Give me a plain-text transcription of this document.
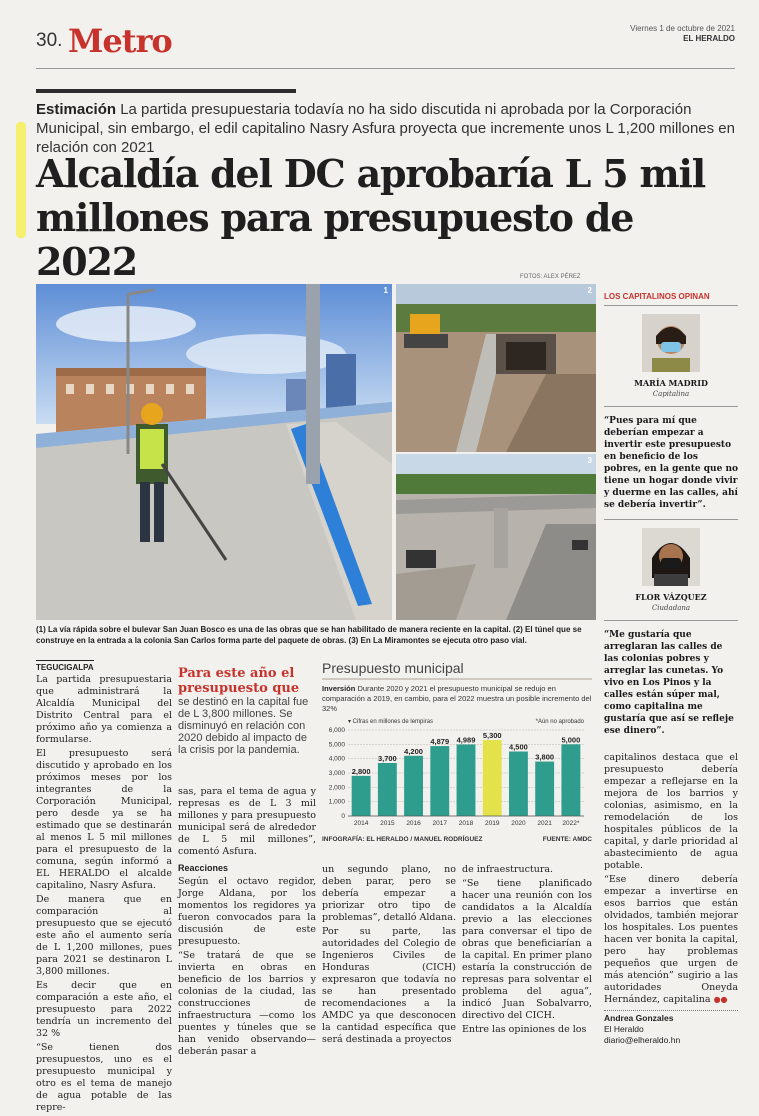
30. Metro	Viernes 1 de octubre de 2021
EL HERALDO
Estimación La partida presupuestaria todavía no ha sido discutida ni aprobada por la Corporación Municipal, sin embargo, el edil capitalino Nasry Asfura proyecta que incremente unos L 1,200 millones en relación con 2021
Alcaldía del DC aprobaría L 5 mil
millones para presupuesto de 2022	FOTOS: ALEX PÉREZ
1	2
3
(1) La vía rápida sobre el bulevar San Juan Bosco es una de las obras que se han habilitado de manera reciente en la capital. (2) El túnel que se construye en la entrada a la colonia San Carlos forma parte del paquete de obras. (3) En La Miramontes se ejecuta otro paso vial.
LOS CAPITALINOS OPINAN
MARÍA MADRID
Capitalina
“Pues para mí que deberían empezar a invertir este presupuesto en beneficio de los pobres, en la gente que no tiene un hogar donde vivir y duerme en las calles, ahí se debería invertir”.
FLOR VÁZQUEZ
Ciudadana
“Me gustaría que arreglaran las calles de las colonias pobres y arreglar las cunetas. Yo vivo en Los Pinos y la calles están súper mal, como capitalina me gustaría que así se refleje ese dinero”.
TEGUCIGALPA

La partida presupuestaria que administrará la Alcaldía Municipal del Distrito Central para el próximo año ya comienza a formularse.

El presupuesto será discutido y aprobado en los próximos meses por los integrantes de la Corporación Municipal, pero desde ya se ha estimado que se destinarán al menos L 5 mil millones para el presupuesto de la comuna, según informó a EL HERALDO el alcalde capitalino, Nasry Asfura.

De manera que en comparación al presupuesto que se ejecutó este año el aumento sería de L 1,200 millones, pues para 2021 se destinaron L 3,800 millones.

Es decir que en comparación a este año, el presupuesto para 2022 tendría un incremento del 32 %

“Se tienen dos presupuestos, uno es el presupuesto municipal y otro es el tema de manejo de agua potable de las repre-

Para este año el presupuesto que
se destinó en la capital fue de L 3,800 millones. Se disminuyó en relación con 2020 debido al impacto de la crisis por la pandemia.

sas, para el tema de agua y represas es de L 3 mil millones y para presupuesto municipal será de alrededor de L 5 mil millones”, comentó Asfura.

Reacciones

Según el octavo regidor, Jorge Aldana, por los momentos los regidores ya fueron convocados para la discusión de este presupuesto.

“Se tratará de que se invierta en obras en beneficio de los barrios y colonias de la ciudad, las construcciones de infraestructura —como los puentes y túneles que se han venido observando— deberán pasar a

Presupuesto municipal
Inversión Durante 2020 y 2021 el presupuesto municipal se redujo en comparación a 2019, en cambio, para el 2022 muestra un posible incremento del 32%
▾ Cifras en millones de lempiras	*Aún no aprobado
0
1,000
2,000
3,000
4,000
5,000
6,000
2,800
2014
3,700
2015
4,200
2016
4,879
2017
4,989
2018
5,300
2019
4,500
2020
3,800
2021
5,000
2022*
INFOGRAFÍA: EL HERALDO / MANUEL RODRÍGUEZ	FUENTE: AMDC

un segundo plano, no deben parar, pero se debería empezar a priorizar otro tipo de problemas”, detalló Aldana.

Por su parte, las autoridades del Colegio de Ingenieros Civiles de Honduras (CICH) expresaron que todavía no se han presentado recomendaciones a la AMDC ya que desconocen la cantidad específica que será destinada a proyectos

de infraestructura.

“Se tiene planificado hacer una reunión con los candidatos a la Alcaldía previo a las elecciones para conversar el tipo de obras que beneficiarían a la capital. En primer plano estaría la construcción de represas para solventar el problema del agua”, indicó Juan Sobalvarro, directivo del CICH.

Entre las opiniones de los

capitalinos destaca que el presupuesto debería empezar a reflejarse en la mejora de los barrios y colonias, asimismo, en la remodelación de los hospitales públicos de la capital, y darle prioridad al abastecimiento de agua potable.

“Ese dinero debería empezar a invertirse en esos barrios que están olvidados, también mejorar los hospitales. Los puentes hacen ver bonita la capital, pero hay problemas pequeños que urgen de más atención” sugirio a las autoridades Oneyda Hernández, capitalina ●●

Andrea Gonzales
El Heraldo
diario@elheraldo.hn
